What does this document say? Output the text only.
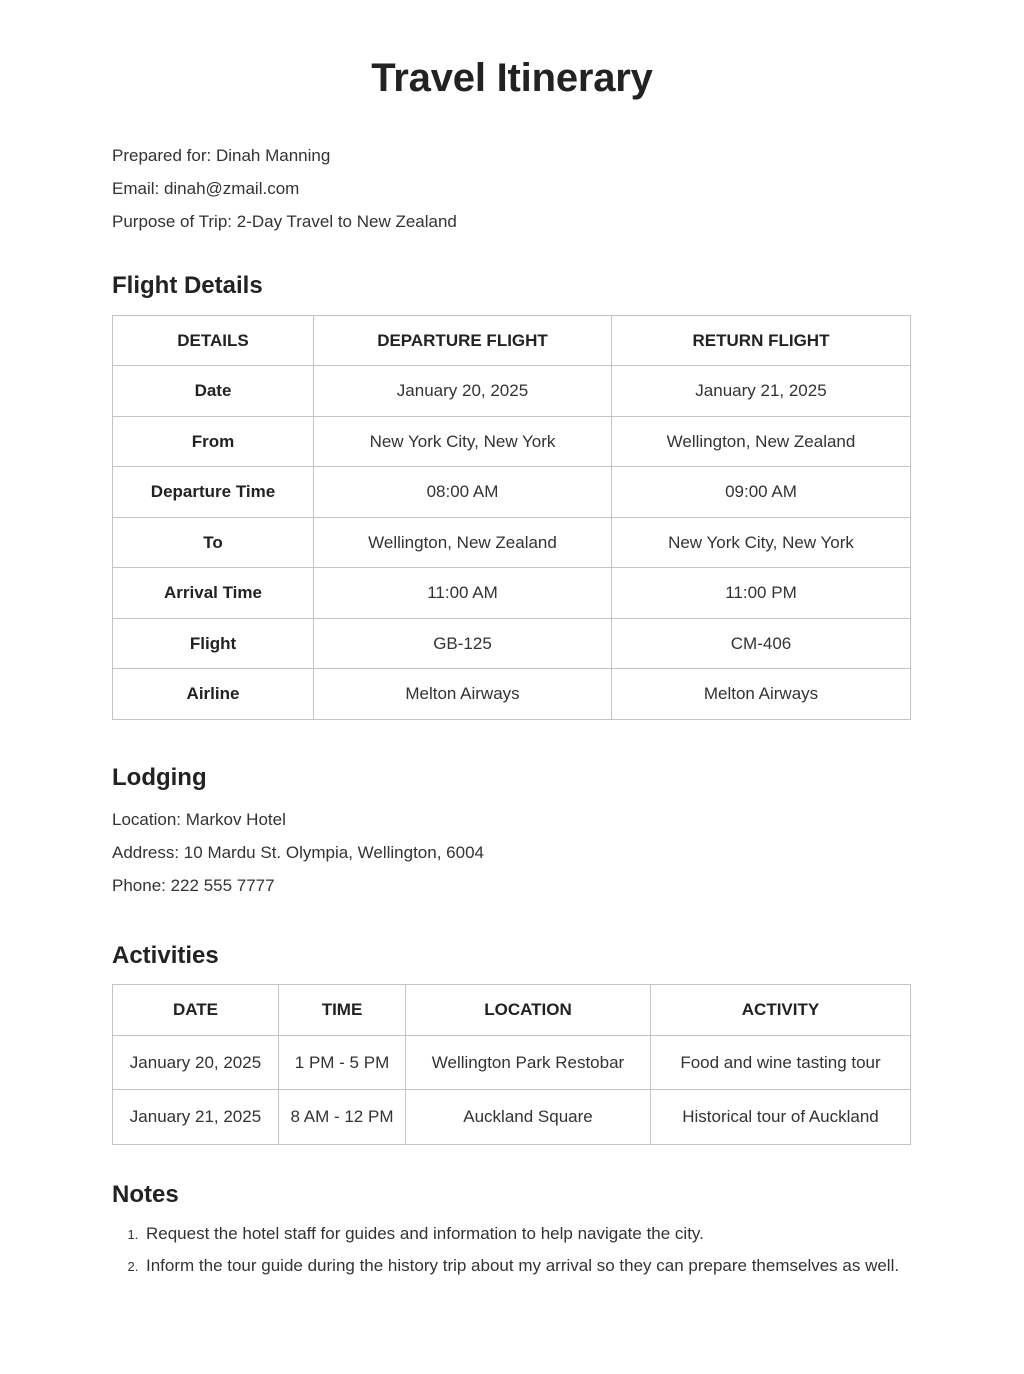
Travel Itinerary
Prepared for: Dinah Manning
Email: dinah@zmail.com
Purpose of Trip: 2-Day Travel to New Zealand
Flight Details
DETAILS	DEPARTURE FLIGHT	RETURN FLIGHT
Date	January 20, 2025	January 21, 2025
From	New York City, New York	Wellington, New Zealand
Departure Time	08:00 AM	09:00 AM
To	Wellington, New Zealand	New York City, New York
Arrival Time	11:00 AM	11:00 PM
Flight	GB-125	CM-406
Airline	Melton Airways	Melton Airways
Lodging
Location: Markov Hotel
Address: 10 Mardu St. Olympia, Wellington, 6004
Phone: 222 555 7777
Activities
DATE	TIME	LOCATION	ACTIVITY
January 20, 2025	1 PM - 5 PM	Wellington Park Restobar	Food and wine tasting tour
January 21, 2025	8 AM - 12 PM	Auckland Square	Historical tour of Auckland
Notes
1. Request the hotel staff for guides and information to help navigate the city.
2. Inform the tour guide during the history trip about my arrival so they can prepare themselves as well.
